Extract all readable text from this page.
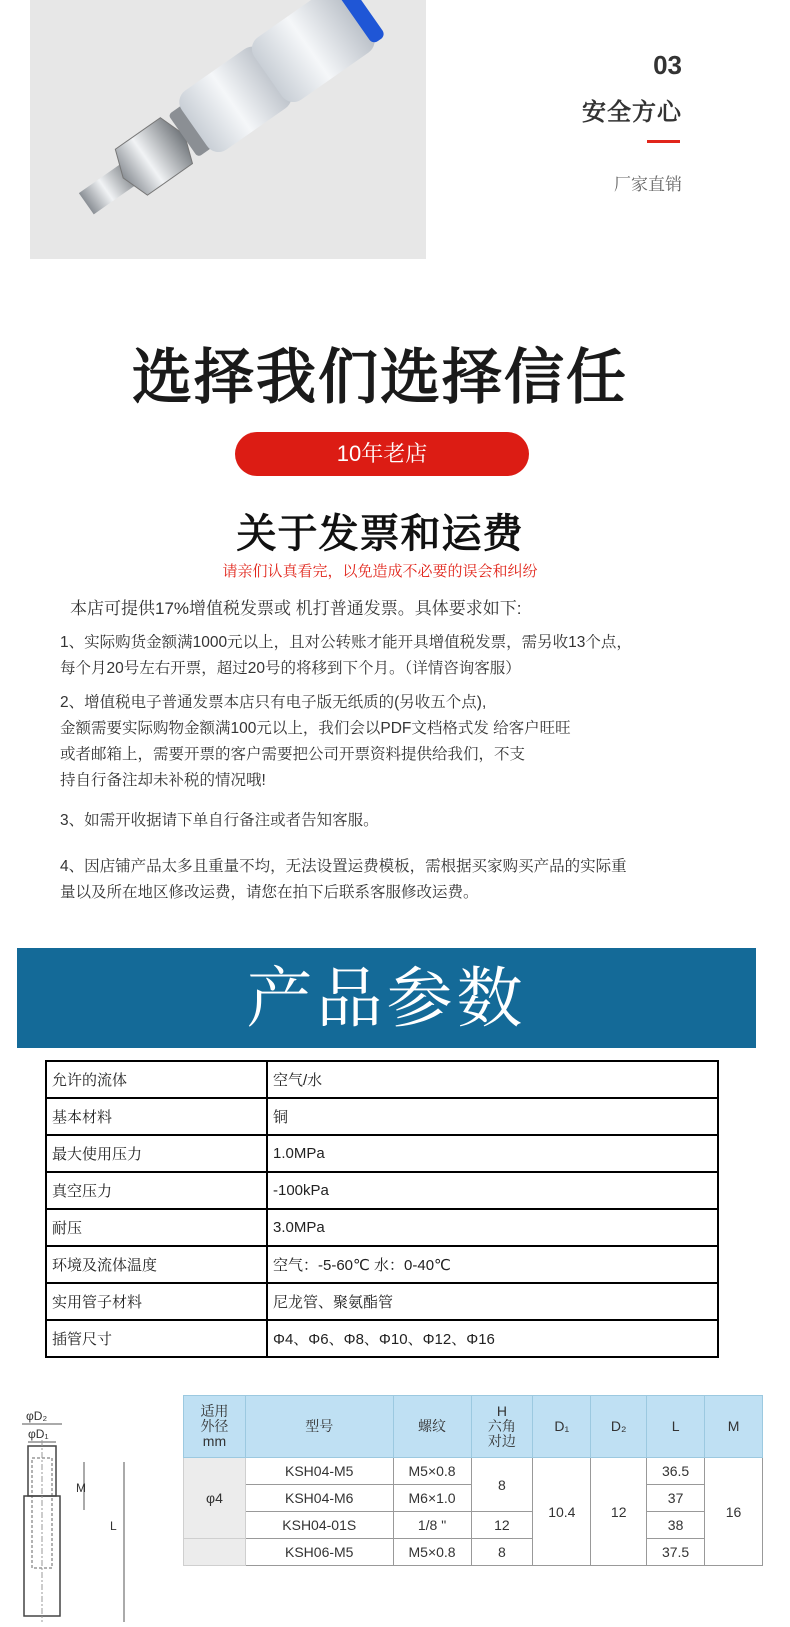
03
安全方心
厂家直销
选择我们选择信任
10年老店
关于发票和运费
请亲们认真看完，以免造成不必要的误会和纠纷
本店可提供17%增值税发票或 机打普通发票。具体要求如下:
1、实际购货金额满1000元以上，且对公转账才能开具增值税发票，需另收13个点，
每个月20号左右开票，超过20号的将移到下个月。（详情咨询客服）
2、增值税电子普通发票本店只有电子版无纸质的(另收五个点),
金额需要实际购物金额满100元以上，我们会以PDF文档格式发 给客户旺旺
或者邮箱上，需要开票的客户需要把公司开票资料提供给我们，不支
持自行备注却未补税的情况哦!
3、如需开收据请下单自行备注或者告知客服。
4、因店铺产品太多且重量不均，无法设置运费模板，需根据买家购买产品的实际重
量以及所在地区修改运费，请您在拍下后联系客服修改运费。
产品参数
允许的流体	空气/水
基本材料	铜
最大使用压力	1.0MPa
真空压力	-100kPa
耐压	3.0MPa
环境及流体温度	空气：-5-60℃ 水：0-40℃
实用管子材料	尼龙管、聚氨酯管
插管尺寸	Φ4、Φ6、Φ8、Φ10、Φ12、Φ16
φD₂
φD₁
M
L
适用
外径
mm	型号	螺纹	H
六角
对边	D₁	D₂	L	M
φ4	KSH04-M5	M5×0.8	8	10.4	12	36.5	16
	KSH04-M6	M6×1.0				37	
	KSH04-01S	1/8 "	12			38	
	KSH06-M5	M5×0.8	8			37.5	
